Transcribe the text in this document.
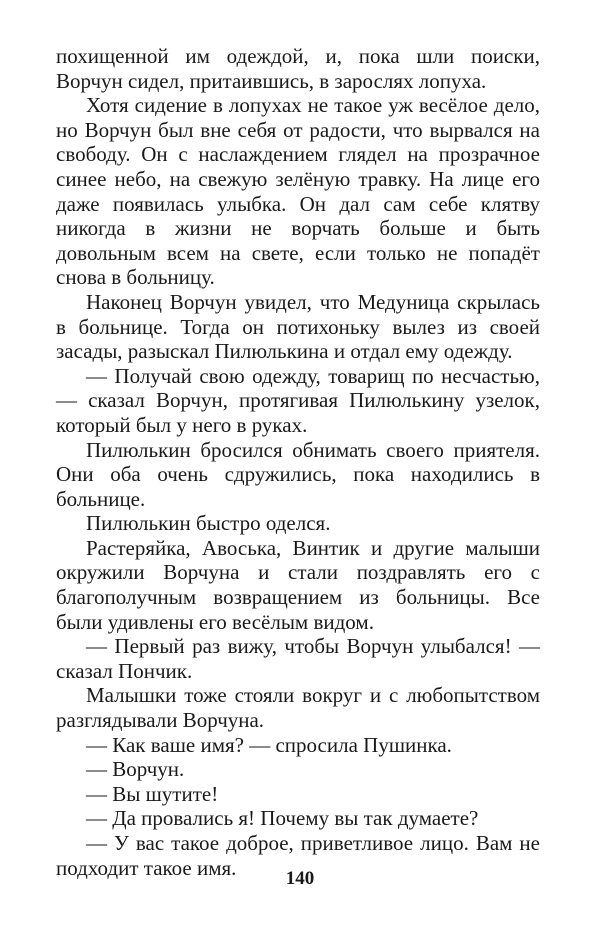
похищенной им одеждой, и, пока шли поиски, Ворчун сидел, притаившись, в зарослях лопуха.

Хотя сидение в лопухах не такое уж весёлое дело, но Ворчун был вне себя от радости, что вырвался на свободу. Он с наслаждением глядел на прозрачное синее небо, на свежую зелёную травку. На лице его даже появилась улыбка. Он дал сам себе клятву никогда в жизни не ворчать больше и быть довольным всем на свете, если только не попадёт снова в больницу.

Наконец Ворчун увидел, что Медуница скрылась в больнице. Тогда он потихоньку вылез из своей засады, разыскал Пилюлькина и отдал ему одежду.

— Получай свою одежду, товарищ по несчастью, — сказал Ворчун, протягивая Пилюлькину узелок, который был у него в руках.

Пилюлькин бросился обнимать своего приятеля. Они оба очень сдружились, пока находились в больнице.

Пилюлькин быстро оделся.

Растеряйка, Авоська, Винтик и другие малыши окружили Ворчуна и стали поздравлять его с благополучным возвращением из больницы. Все были удивлены его весёлым видом.

— Первый раз вижу, чтобы Ворчун улыбался! — сказал Пончик.

Малышки тоже стояли вокруг и с любопытством разглядывали Ворчуна.

— Как ваше имя? — спросила Пушинка.

— Ворчун.

— Вы шутите!

— Да провались я! Почему вы так думаете?

— У вас такое доброе, приветливое лицо. Вам не подходит такое имя.	140
